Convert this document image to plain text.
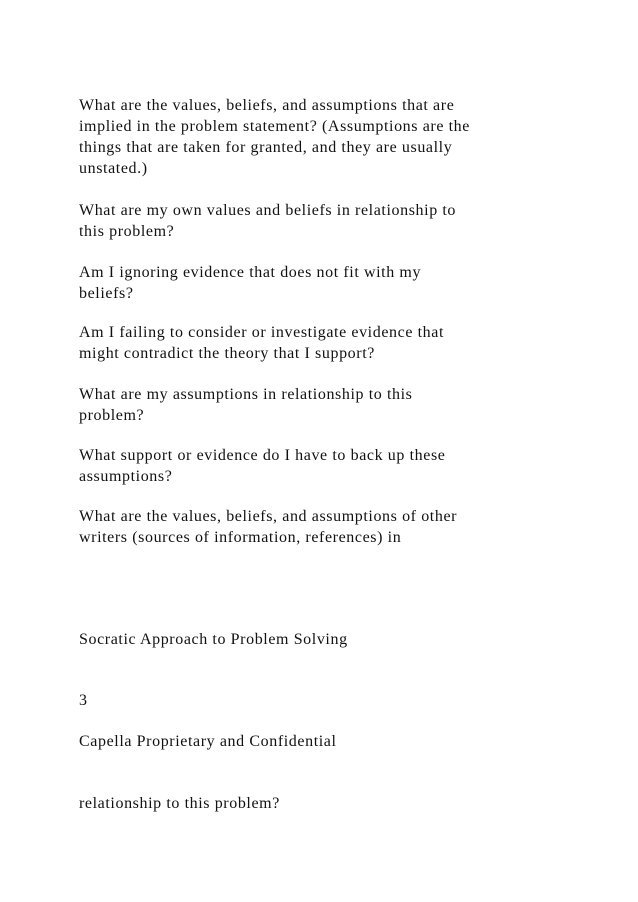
What are the values, beliefs, and assumptions that are
implied in the problem statement? (Assumptions are the
things that are taken for granted, and they are usually
unstated.)

What are my own values and beliefs in relationship to
this problem?

Am I ignoring evidence that does not fit with my
beliefs?

Am I failing to consider or investigate evidence that
might contradict the theory that I support?

What are my assumptions in relationship to this
problem?

What support or evidence do I have to back up these
assumptions?

What are the values, beliefs, and assumptions of other
writers (sources of information, references) in

Socratic Approach to Problem Solving

3

Capella Proprietary and Confidential

relationship to this problem?
